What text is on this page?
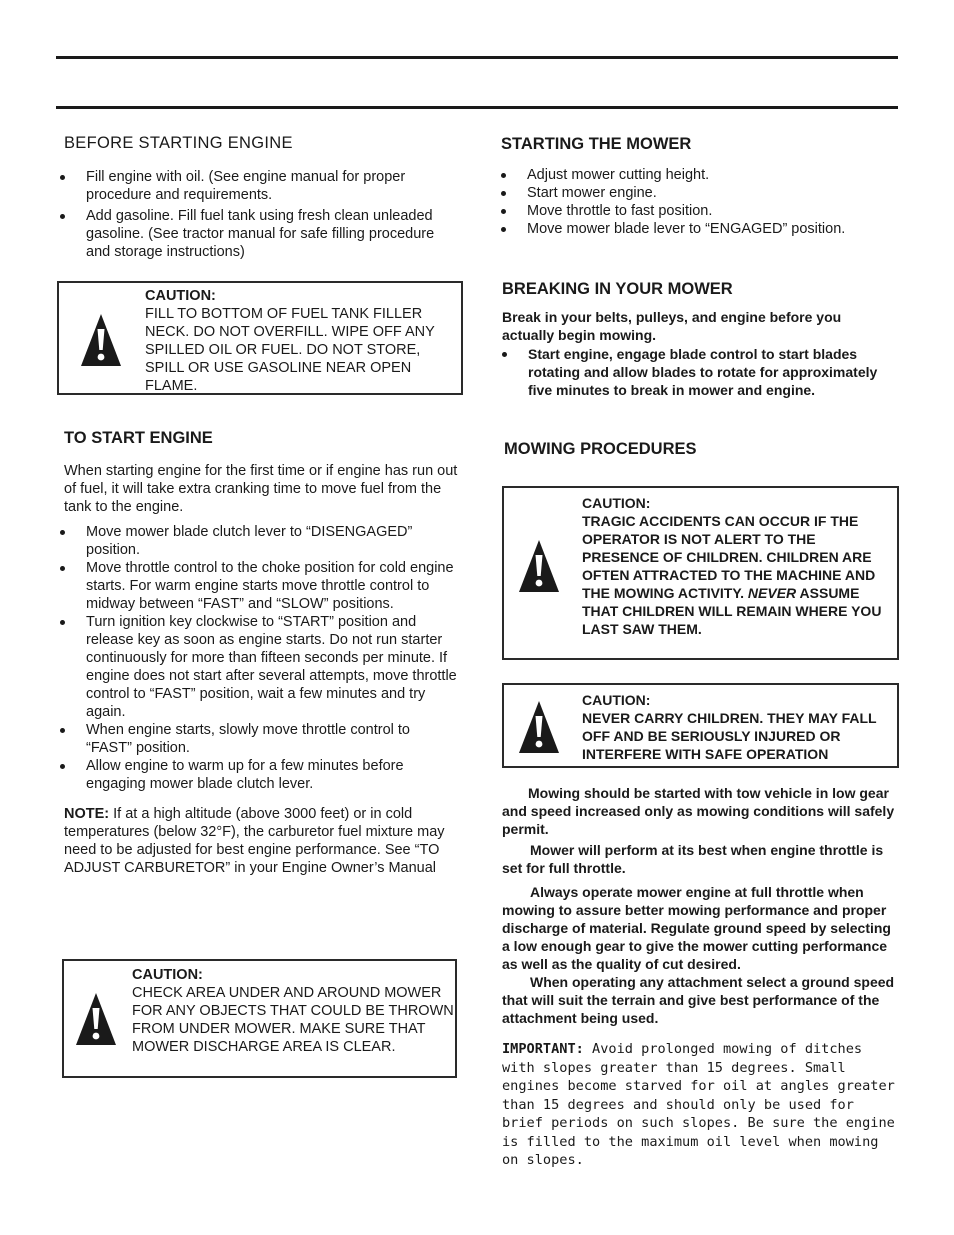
BEFORE STARTING ENGINE
Fill engine with oil. (See engine manual for proper procedure and requirements.
Add gasoline. Fill fuel tank using fresh clean unleaded gasoline. (See tractor manual for safe filling procedure and storage instructions)
CAUTION:
FILL TO BOTTOM OF FUEL TANK FILLER NECK. DO NOT OVERFILL. WIPE OFF ANY SPILLED OIL OR FUEL. DO NOT STORE, SPILL OR USE GASOLINE NEAR OPEN FLAME.
TO START ENGINE

When starting engine for the first time or if engine has run out of fuel, it will take extra cranking time to move fuel from the tank to the engine.

Move mower blade clutch lever to “DISENGAGED” position.
Move throttle control to the choke position for cold engine starts. For warm engine starts move throttle control to midway between “FAST” and “SLOW” positions.
Turn ignition key clockwise to “START” position and release key as soon as engine starts. Do not run starter continuously for more than fifteen seconds per minute. If engine does not start after several attempts, move throttle control to “FAST” position, wait a few minutes and try again.
When engine starts, slowly move throttle control to “FAST” position.
Allow engine to warm up for a few minutes before engaging mower blade clutch lever.

NOTE: If at a high altitude (above 3000 feet) or in cold temperatures (below 32°F), the carburetor fuel mixture may need to be adjusted for best engine performance. See “TO ADJUST CARBURETOR” in your Engine Owner’s Manual

CAUTION:
CHECK AREA UNDER AND AROUND MOWER FOR ANY OBJECTS THAT COULD BE THROWN FROM UNDER MOWER. MAKE SURE THAT MOWER DISCHARGE AREA IS CLEAR.
STARTING THE MOWER
Adjust mower cutting height.
Start mower engine.
Move throttle to fast position.
Move mower blade lever to “ENGAGED” position.
BREAKING IN YOUR MOWER

Break in your belts, pulleys, and engine before you actually begin mowing.

Start engine, engage blade control to start blades rotating and allow blades to rotate for approximately five minutes to break in mower and engine.
MOWING PROCEDURES
CAUTION:
TRAGIC ACCIDENTS CAN OCCUR IF THE OPERATOR IS NOT ALERT TO THE PRESENCE OF CHILDREN. CHILDREN ARE OFTEN ATTRACTED TO THE MACHINE AND THE MOWING ACTIVITY. NEVER ASSUME THAT CHILDREN WILL REMAIN WHERE YOU LAST SAW THEM.
CAUTION:
NEVER CARRY CHILDREN. THEY MAY FALL OFF AND BE SERIOUSLY INJURED OR INTERFERE WITH SAFE OPERATION

Mowing should be started with tow vehicle in low gear and speed increased only as mowing conditions will safely permit.

Mower will perform at its best when engine throttle is set for full throttle.

Always operate mower engine at full throttle when mowing to assure better mowing performance and proper discharge of material. Regulate ground speed by selecting a low enough gear to give the mower cutting performance as well as the quality of cut desired.

When operating any attachment select a ground speed that will suit the terrain and give best performance of the attachment being used.

IMPORTANT: Avoid prolonged mowing of ditches with slopes greater than 15 degrees. Small engines become starved for oil at angles greater than 15 degrees and should only be used for brief periods on such slopes. Be sure the engine is filled to the maximum oil level when mowing on slopes.
